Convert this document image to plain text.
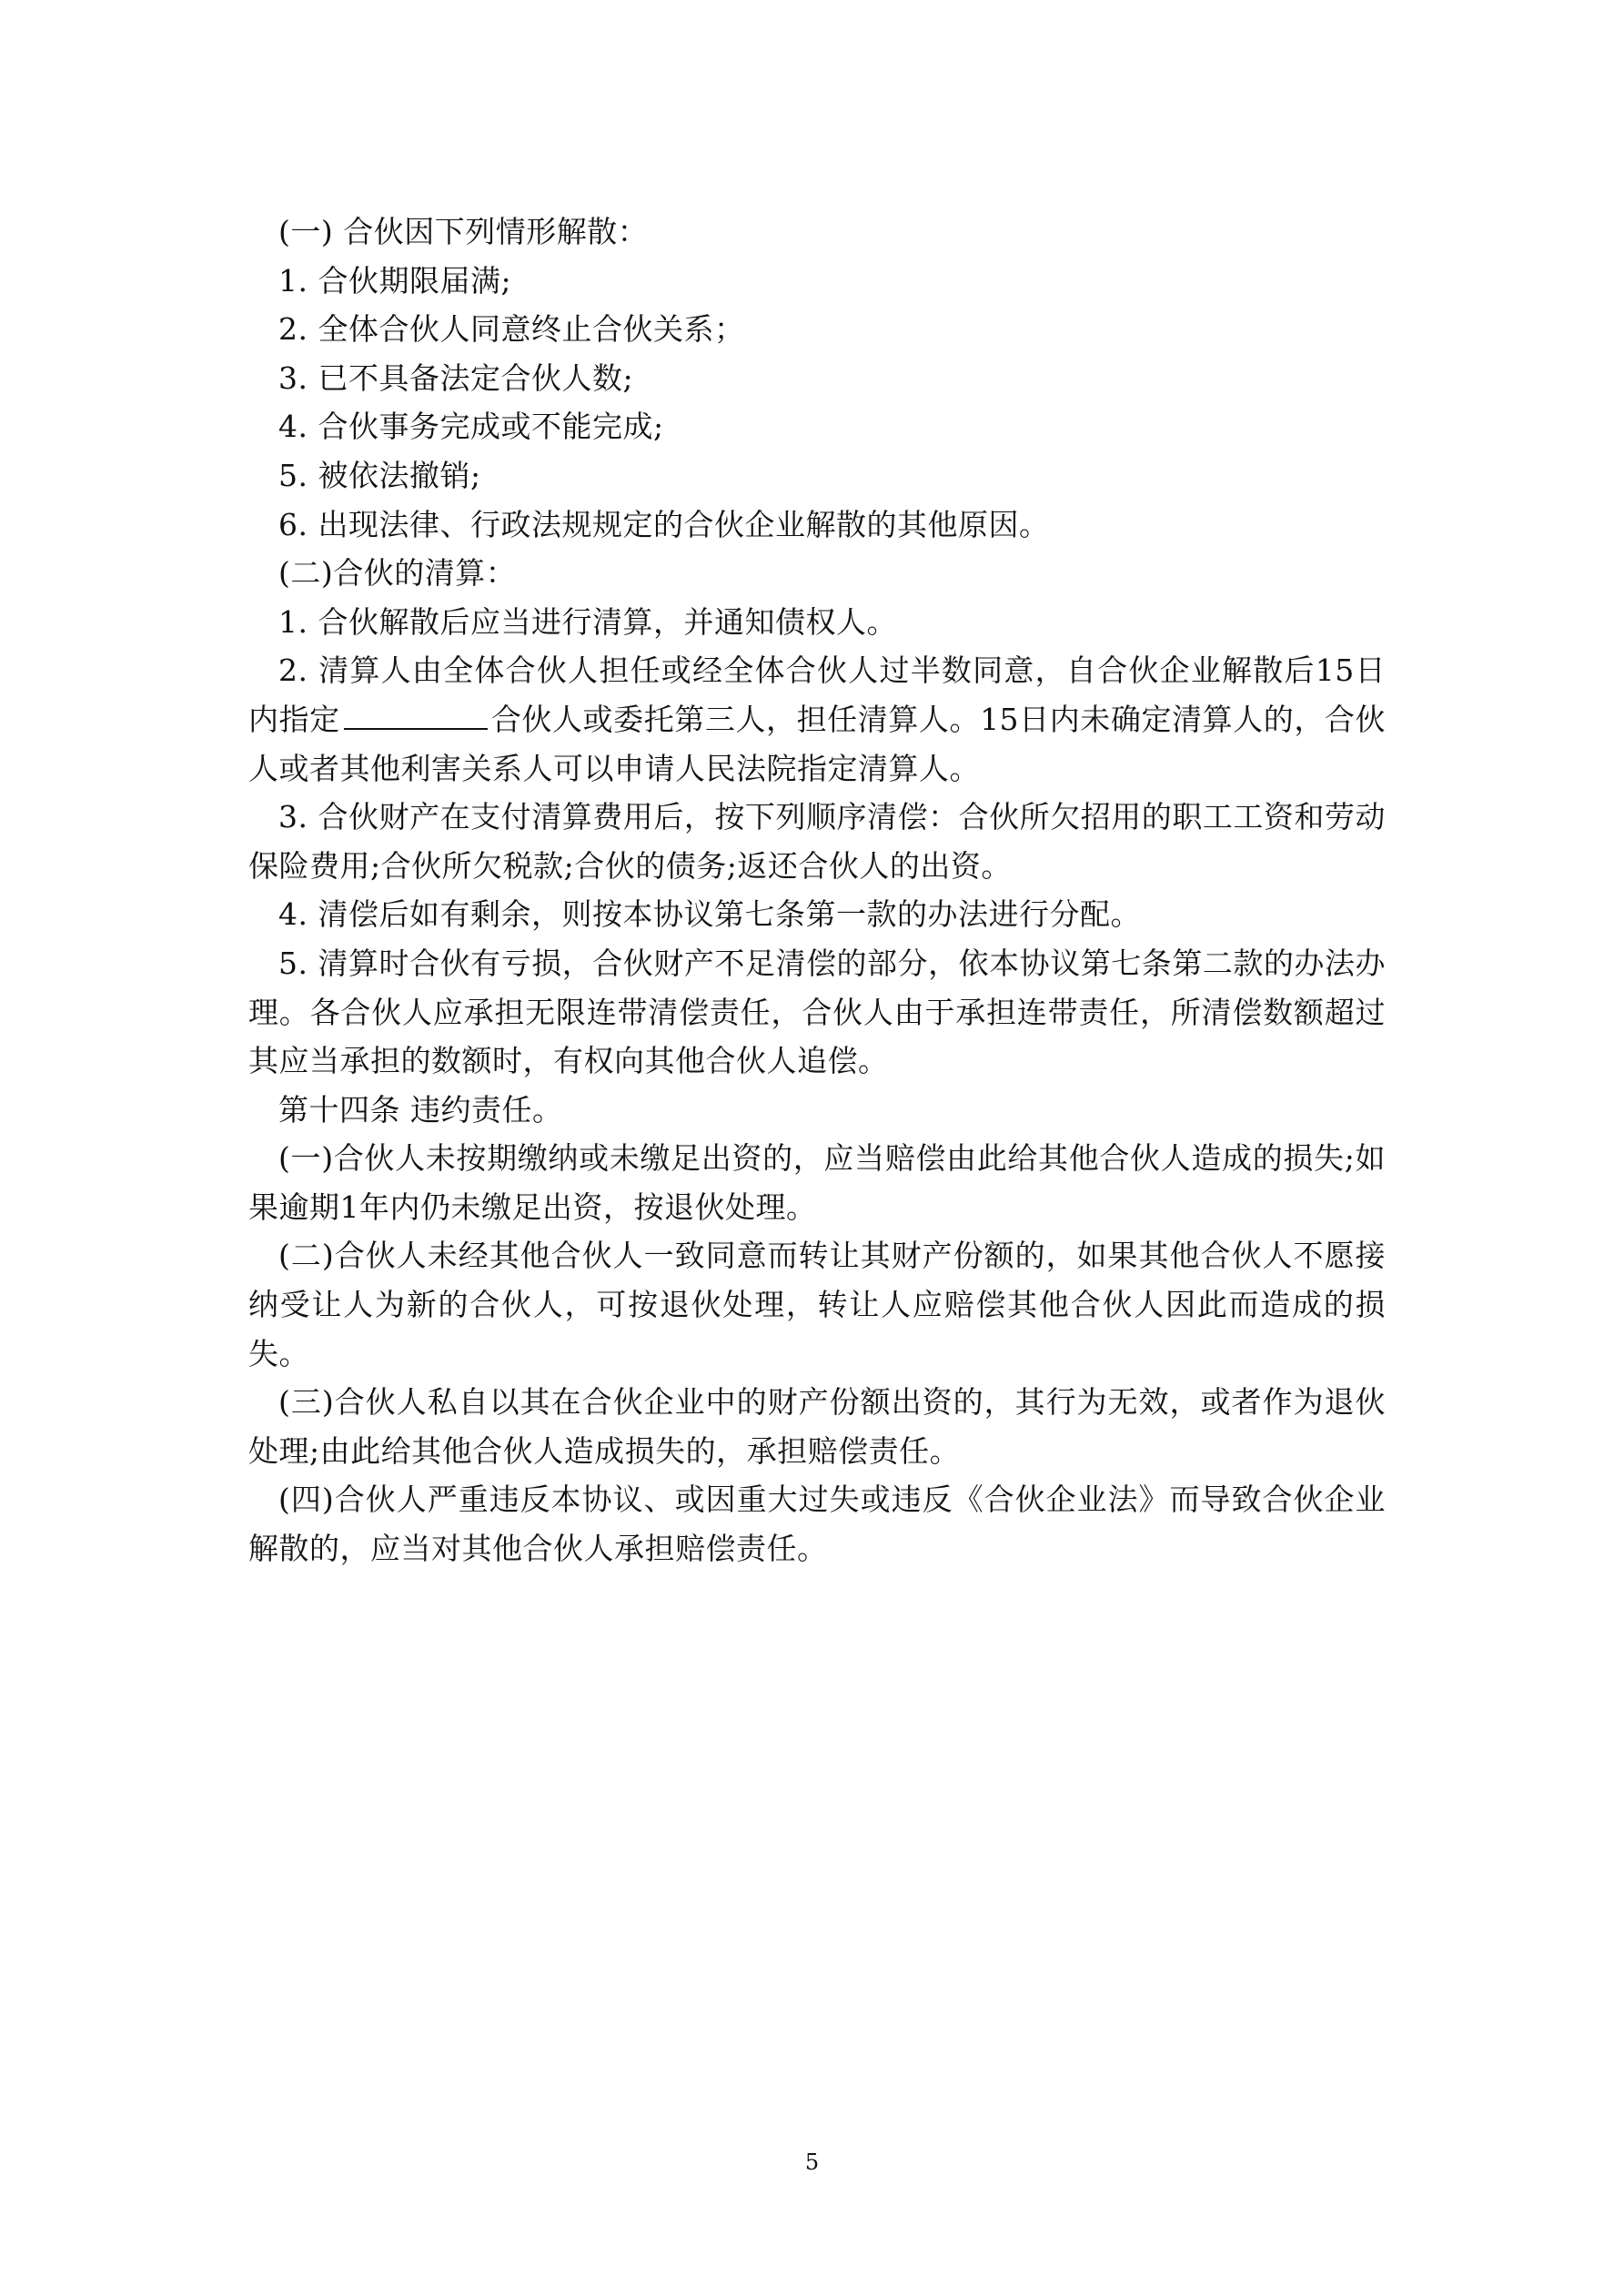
(一) 合伙因下列情形解散：

1. 合伙期限届满;

2. 全体合伙人同意终止合伙关系；

3. 已不具备法定合伙人数;

4. 合伙事务完成或不能完成;

5. 被依法撤销;

6. 出现法律、行政法规规定的合伙企业解散的其他原因。

(二)合伙的清算：

1. 合伙解散后应当进行清算，并通知债权人。

2. 清算人由全体合伙人担任或经全体合伙人过半数同意，自合伙企业解散后15日内指定	合伙人或委托第三人，担任清算人。15日内未确定清算人的，合伙人或者其他利害关系人可以申请人民法院指定清算人。

3. 合伙财产在支付清算费用后，按下列顺序清偿：合伙所欠招用的职工工资和劳动保险费用;合伙所欠税款;合伙的债务;返还合伙人的出资。

4. 清偿后如有剩余，则按本协议第七条第一款的办法进行分配。

5. 清算时合伙有亏损，合伙财产不足清偿的部分，依本协议第七条第二款的办法办理。各合伙人应承担无限连带清偿责任，合伙人由于承担连带责任，所清偿数额超过其应当承担的数额时，有权向其他合伙人追偿。

第十四条 违约责任。

(一)合伙人未按期缴纳或未缴足出资的，应当赔偿由此给其他合伙人造成的损失;如果逾期1年内仍未缴足出资，按退伙处理。

(二)合伙人未经其他合伙人一致同意而转让其财产份额的，如果其他合伙人不愿接纳受让人为新的合伙人，可按退伙处理，转让人应赔偿其他合伙人因此而造成的损失。

(三)合伙人私自以其在合伙企业中的财产份额出资的，其行为无效，或者作为退伙处理;由此给其他合伙人造成损失的，承担赔偿责任。

(四)合伙人严重违反本协议、或因重大过失或违反《合伙企业法》而导致合伙企业解散的，应当对其他合伙人承担赔偿责任。

5
